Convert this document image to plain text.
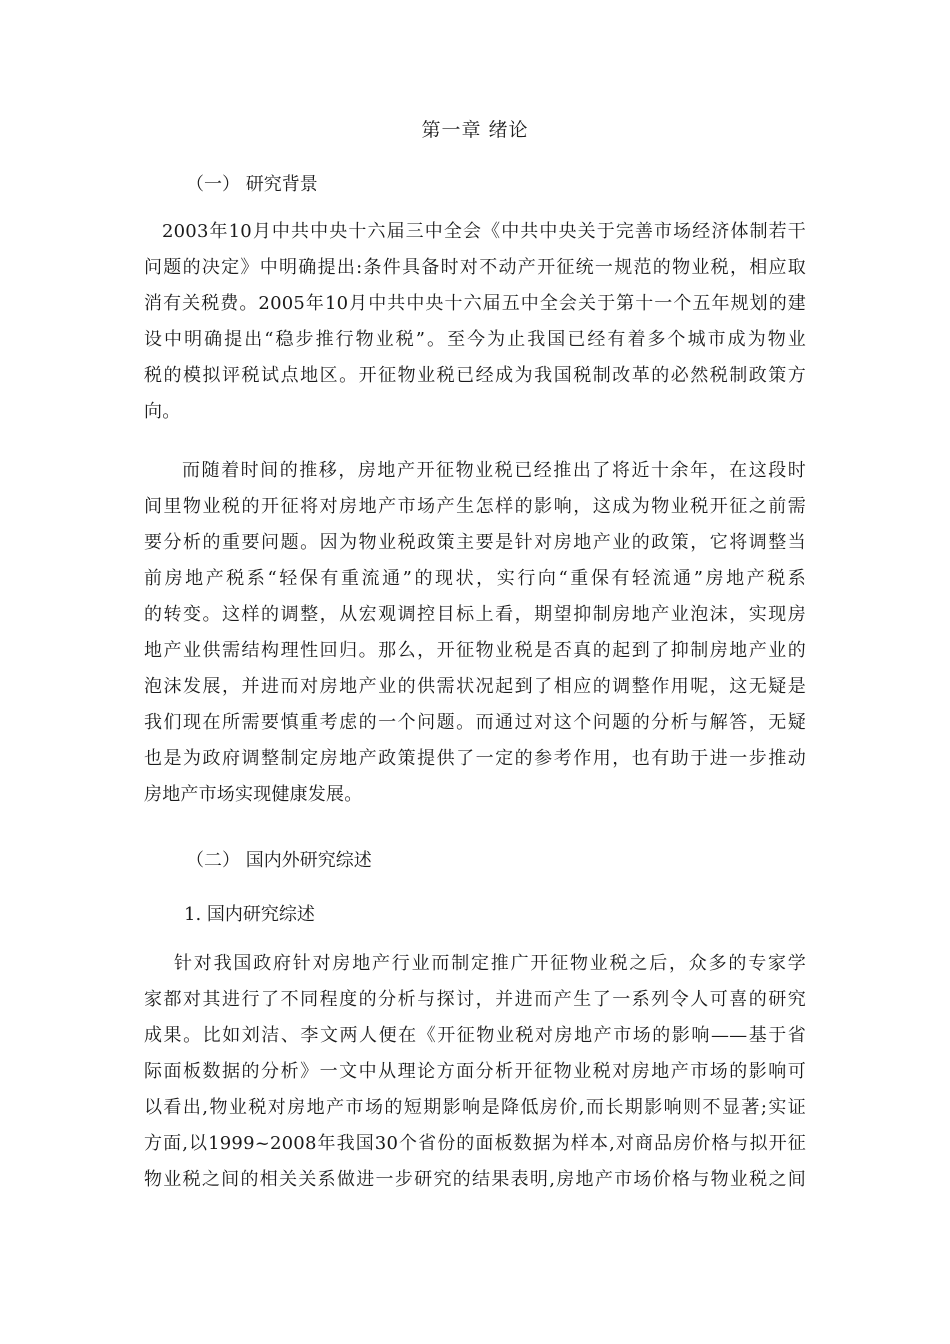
第一章 绪论
（一） 研究背景
2003年10月中共中央十六届三中全会《中共中央关于完善市场经济体制若干
问题的决定》中明确提出:条件具备时对不动产开征统一规范的物业税，相应取
消有关税费。2005年10月中共中央十六届五中全会关于第十一个五年规划的建
设中明确提出“稳步推行物业税”。至今为止我国已经有着多个城市成为物业
税的模拟评税试点地区。开征物业税已经成为我国税制改革的必然税制政策方
向。
而随着时间的推移，房地产开征物业税已经推出了将近十余年，在这段时
间里物业税的开征将对房地产市场产生怎样的影响，这成为物业税开征之前需
要分析的重要问题。因为物业税政策主要是针对房地产业的政策，它将调整当
前房地产税系“轻保有重流通”的现状，实行向“重保有轻流通”房地产税系
的转变。这样的调整，从宏观调控目标上看，期望抑制房地产业泡沫，实现房
地产业供需结构理性回归。那么，开征物业税是否真的起到了抑制房地产业的
泡沫发展，并进而对房地产业的供需状况起到了相应的调整作用呢，这无疑是
我们现在所需要慎重考虑的一个问题。而通过对这个问题的分析与解答，无疑
也是为政府调整制定房地产政策提供了一定的参考作用，也有助于进一步推动
房地产市场实现健康发展。
（二） 国内外研究综述
1. 国内研究综述
针对我国政府针对房地产行业而制定推广开征物业税之后，众多的专家学
家都对其进行了不同程度的分析与探讨，并进而产生了一系列令人可喜的研究
成果。比如刘洁、李文两人便在《开征物业税对房地产市场的影响——基于省
际面板数据的分析》一文中从理论方面分析开征物业税对房地产市场的影响可
以看出,物业税对房地产市场的短期影响是降低房价,而长期影响则不显著;实证
方面,以1999~2008年我国30个省份的面板数据为样本,对商品房价格与拟开征
物业税之间的相关关系做进一步研究的结果表明,房地产市场价格与物业税之间
